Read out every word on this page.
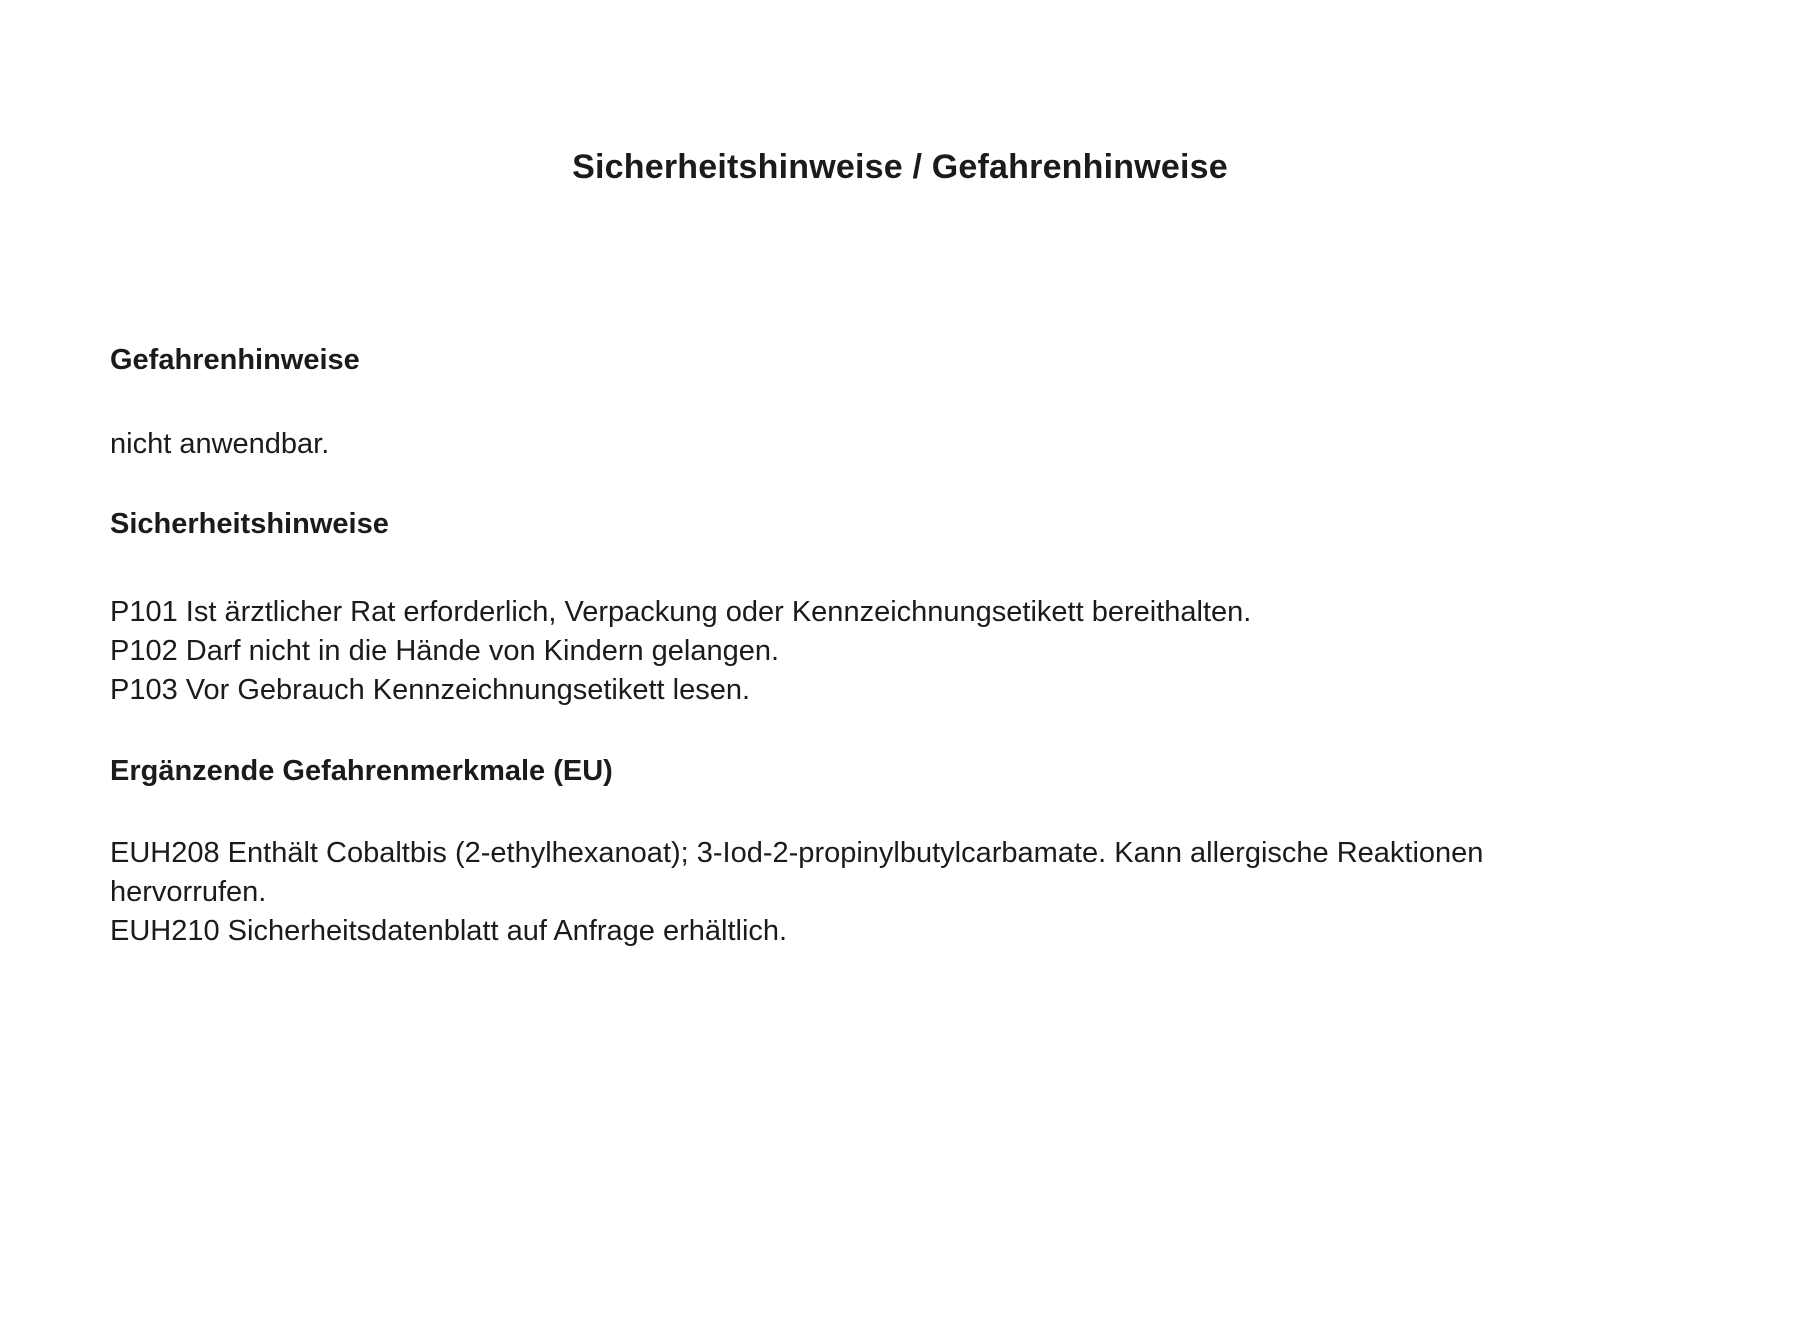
Sicherheitshinweise / Gefahrenhinweise
Gefahrenhinweise

nicht anwendbar.

Sicherheitshinweise

P101 Ist ärztlicher Rat erforderlich, Verpackung oder Kennzeichnungsetikett bereithalten.

P102 Darf nicht in die Hände von Kindern gelangen.

P103 Vor Gebrauch Kennzeichnungsetikett lesen.

Ergänzende Gefahrenmerkmale (EU)

EUH208 Enthält Cobaltbis (2-ethylhexanoat); 3-Iod-2-propinylbutylcarbamate. Kann allergische Reaktionen

hervorrufen.

EUH210 Sicherheitsdatenblatt auf Anfrage erhältlich.
